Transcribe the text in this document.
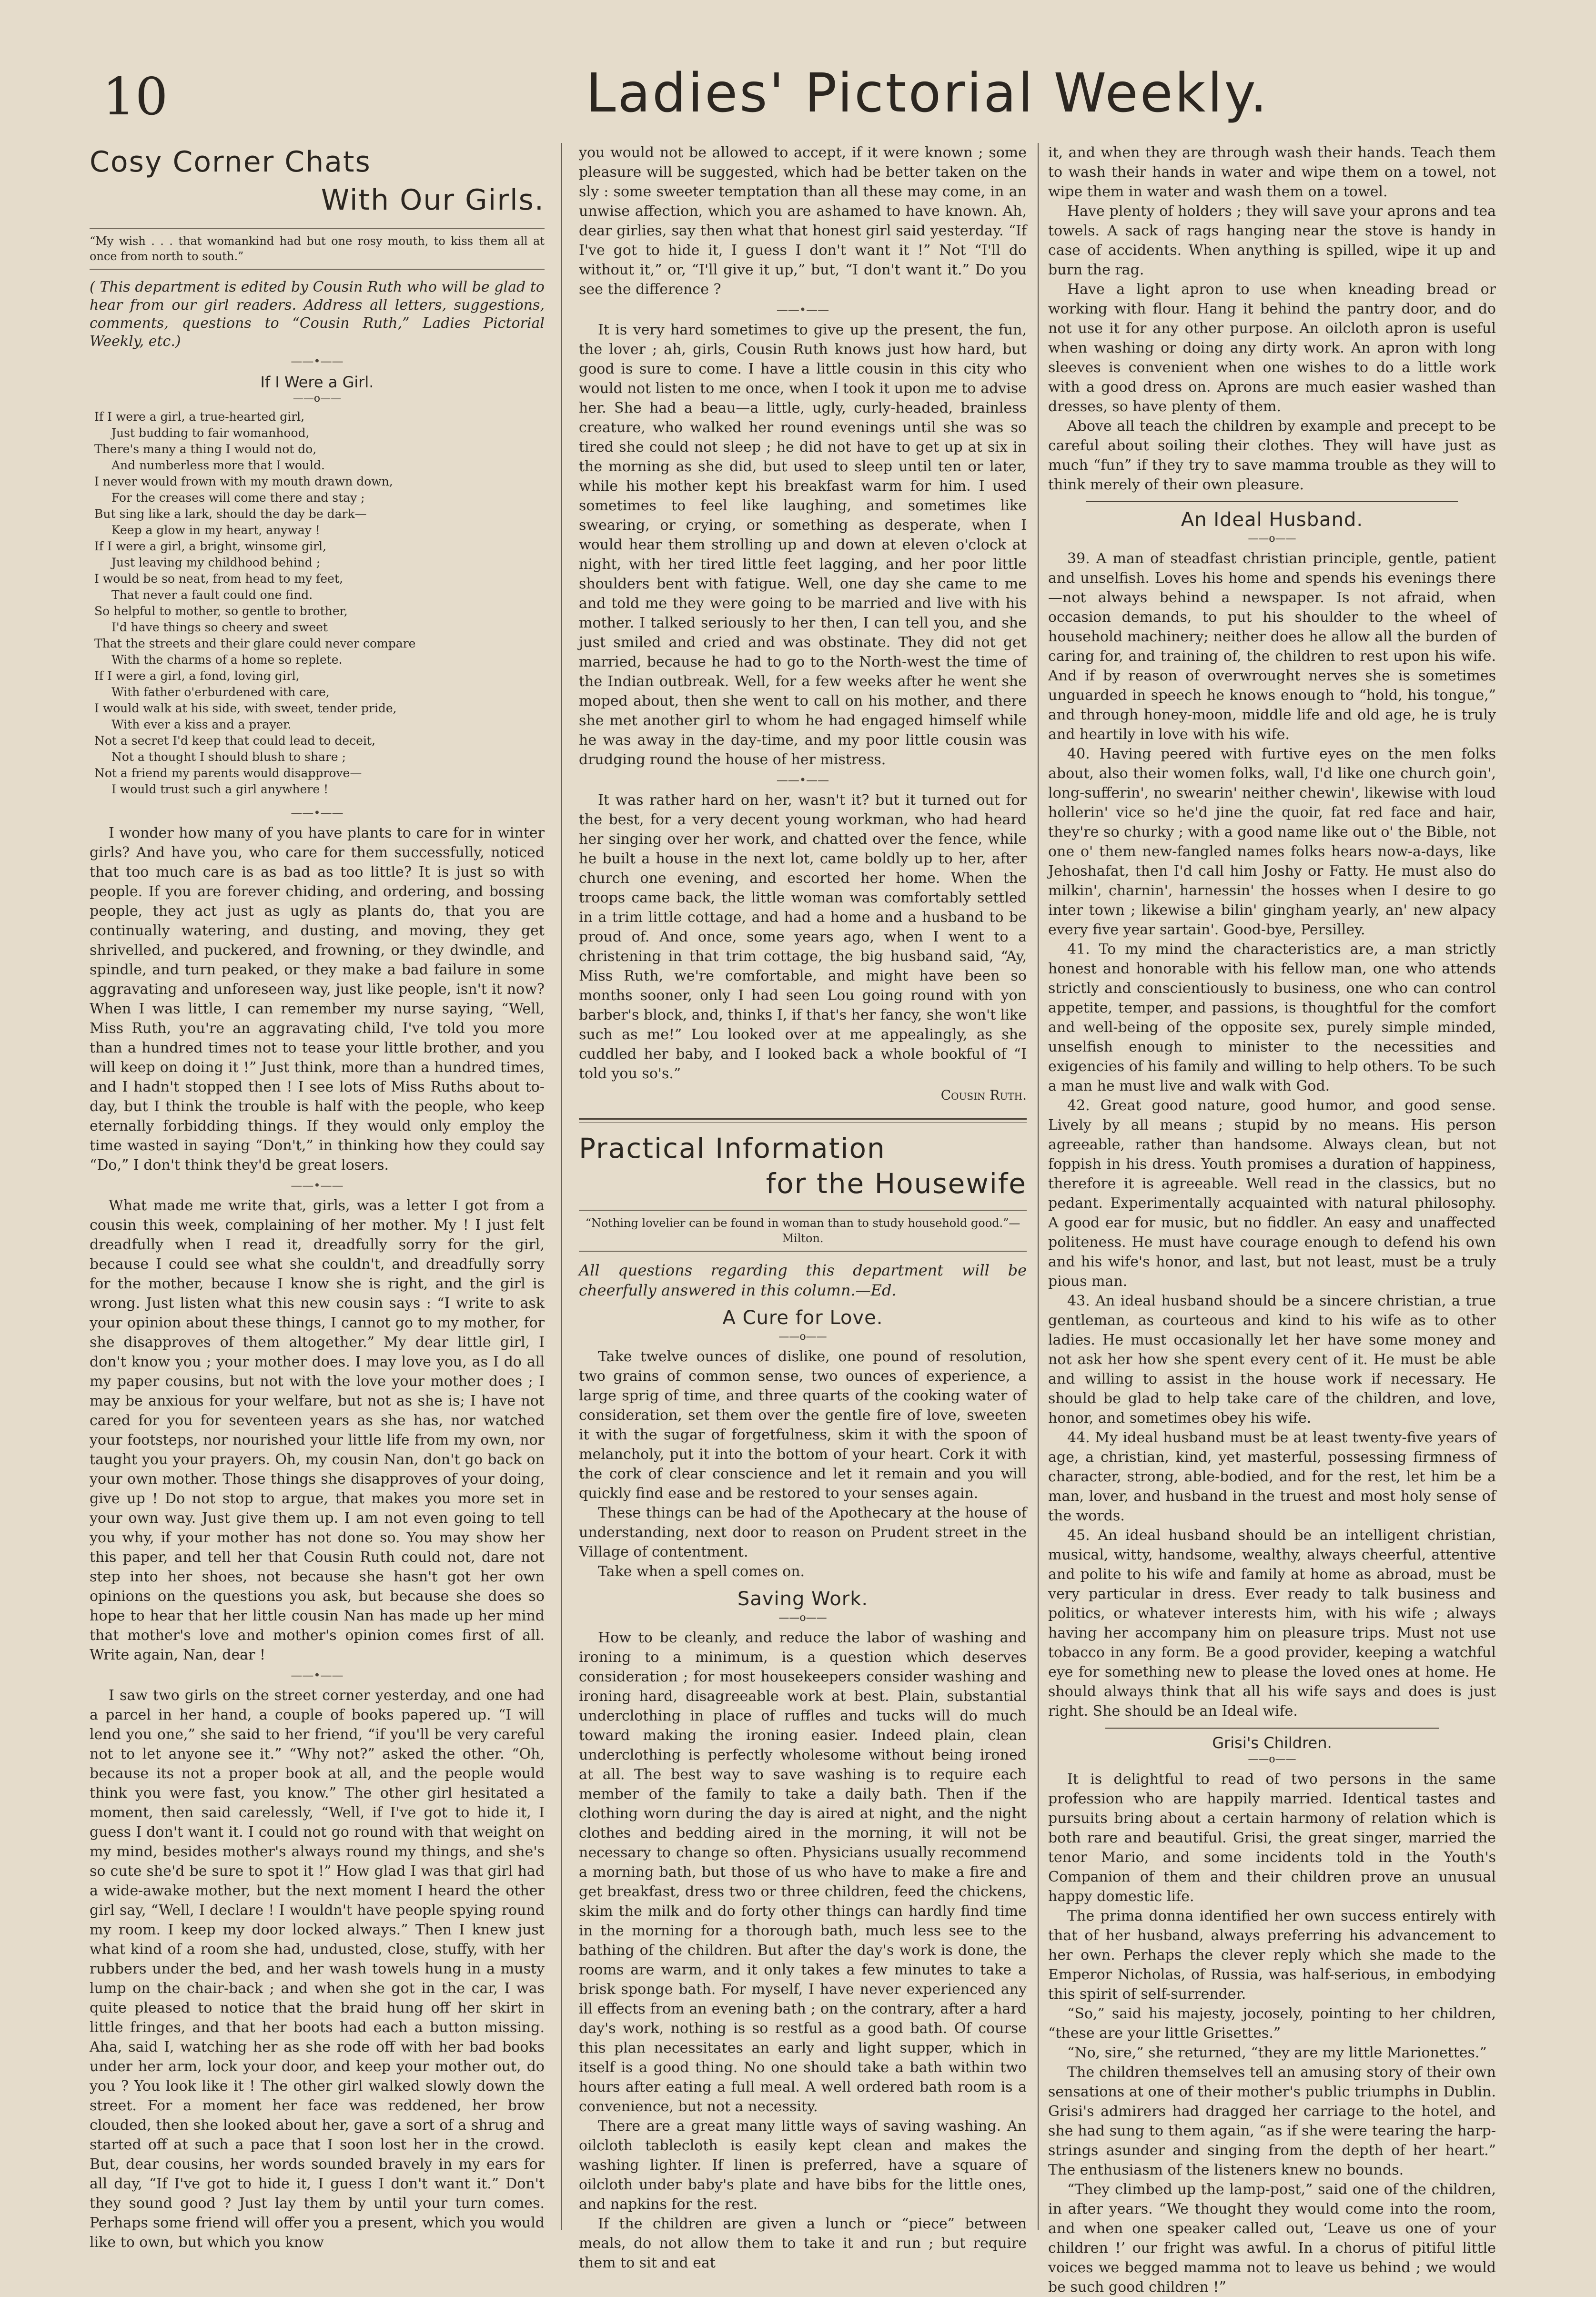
10	Ladies' Pictorial Weekly.
Cosy Corner Chats
With Our Girls.
“My wish . . . that womankind had but one rosy mouth, to kiss them all at once from north to south.”
( This department is edited by Cousin Ruth who will be glad to hear from our girl readers. Address all letters, suggestions, comments, questions to “Cousin Ruth,” Ladies Pictorial Weekly, etc.)
——•——
If I Were a Girl.
——o——
If I were a girl, a true-hearted girl,
Just budding to fair womanhood,
There's many a thing I would not do,
And numberless more that I would.
I never would frown with my mouth drawn down,
For the creases will come there and stay ;
But sing like a lark, should the day be dark—
Keep a glow in my heart, anyway !
If I were a girl, a bright, winsome girl,
Just leaving my childhood behind ;
I would be so neat, from head to my feet,
That never a fault could one find.
So helpful to mother, so gentle to brother,
I'd have things so cheery and sweet
That the streets and their glare could never compare
With the charms of a home so replete.
If I were a girl, a fond, loving girl,
With father o'erburdened with care,
I would walk at his side, with sweet, tender pride,
With ever a kiss and a prayer.
Not a secret I'd keep that could lead to deceit,
Not a thought I should blush to share ;
Not a friend my parents would disapprove—
I would trust such a girl anywhere !
——•——

I wonder how many of you have plants to care for in winter girls? And have you, who care for them successfully, noticed that too much care is as bad as too little? It is just so with people. If you are forever chiding, and ordering, and bossing people, they act just as ugly as plants do, that you are continually watering, and dusting, and moving, they get shrivelled, and puckered, and frowning, or they dwindle, and spindle, and turn peaked, or they make a bad failure in some aggravating and unforeseen way, just like people, isn't it now? When I was little, I can remember my nurse saying, “Well, Miss Ruth, you're an aggravating child, I've told you more than a hundred times not to tease your little brother, and you will keep on doing it !” Just think, more than a hundred times, and I hadn't stopped then ! I see lots of Miss Ruths about to-day, but I think the trouble is half with the people, who keep eternally forbidding things. If they would only employ the time wasted in saying “Don't,” in thinking how they could say “Do,” I don't think they'd be great losers.

——•——

What made me write that, girls, was a letter I got from a cousin this week, complaining of her mother. My ! I just felt dreadfully when I read it, dreadfully sorry for the girl, because I could see what she couldn't, and dreadfully sorry for the mother, because I know she is right, and the girl is wrong. Just listen what this new cousin says : “I write to ask your opinion about these things, I cannot go to my mother, for she disapproves of them altogether.” My dear little girl, I don't know you ; your mother does. I may love you, as I do all my paper cousins, but not with the love your mother does ; I may be anxious for your welfare, but not as she is; I have not cared for you for seventeen years as she has, nor watched your footsteps, nor nourished your little life from my own, nor taught you your prayers. Oh, my cousin Nan, don't go back on your own mother. Those things she disapproves of your doing, give up ! Do not stop to argue, that makes you more set in your own way. Just give them up. I am not even going to tell you why, if your mother has not done so. You may show her this paper, and tell her that Cousin Ruth could not, dare not step into her shoes, not because she hasn't got her own opinions on the questions you ask, but because she does so hope to hear that her little cousin Nan has made up her mind that mother's love and mother's opinion comes first of all. Write again, Nan, dear !

——•——

I saw two girls on the street corner yesterday, and one had a parcel in her hand, a couple of books papered up. “I will lend you one,” she said to her friend, “if you'll be very careful not to let anyone see it.” “Why not?” asked the other. “Oh, because its not a proper book at all, and the people would think you were fast, you know.” The other girl hesitated a moment, then said carelessly, “Well, if I've got to hide it, I guess I don't want it. I could not go round with that weight on my mind, besides mother's always round my things, and she's so cute she'd be sure to spot it !” How glad I was that girl had a wide-awake mother, but the next moment I heard the other girl say, “Well, I declare ! I wouldn't have people spying round my room. I keep my door locked always.” Then I knew just what kind of a room she had, undusted, close, stuffy, with her rubbers under the bed, and her wash towels hung in a musty lump on the chair-back ; and when she got in the car, I was quite pleased to notice that the braid hung off her skirt in little fringes, and that her boots had each a button missing. Aha, said I, watching her as she rode off with her bad books under her arm, lock your door, and keep your mother out, do you ? You look like it ! The other girl walked slowly down the street. For a moment her face was reddened, her brow clouded, then she looked about her, gave a sort of a shrug and started off at such a pace that I soon lost her in the crowd. But, dear cousins, her words sounded bravely in my ears for all day, “If I've got to hide it, I guess I don't want it.” Don't they sound good ? Just lay them by until your turn comes. Perhaps some friend will offer you a present, which you would like to own, but which you know

you would not be allowed to accept, if it were known ; some pleasure will be suggested, which had be better taken on the sly : some sweeter temptation than all these may come, in an unwise affection, which you are ashamed to have known. Ah, dear girlies, say then what that honest girl said yesterday. “If I've got to hide it, I guess I don't want it !” Not “I'll do without it,” or, “I'll give it up,” but, “I don't want it.” Do you see the difference ?

——•——

It is very hard sometimes to give up the present, the fun, the lover ; ah, girls, Cousin Ruth knows just how hard, but good is sure to come. I have a little cousin in this city who would not listen to me once, when I took it upon me to advise her. She had a beau—a little, ugly, curly-headed, brainless creature, who walked her round evenings until she was so tired she could not sleep ; he did not have to get up at six in the morning as she did, but used to sleep until ten or later, while his mother kept his breakfast warm for him. I used sometimes to feel like laughing, and sometimes like swearing, or crying, or something as desperate, when I would hear them strolling up and down at eleven o'clock at night, with her tired little feet lagging, and her poor little shoulders bent with fatigue. Well, one day she came to me and told me they were going to be married and live with his mother. I talked seriously to her then, I can tell you, and she just smiled and cried and was obstinate. They did not get married, because he had to go to the North-west the time of the Indian outbreak. Well, for a few weeks after he went she moped about, then she went to call on his mother, and there she met another girl to whom he had engaged himself while he was away in the day-time, and my poor little cousin was drudging round the house of her mistress.

——•——

It was rather hard on her, wasn't it? but it turned out for the best, for a very decent young workman, who had heard her singing over her work, and chatted over the fence, while he built a house in the next lot, came boldly up to her, after church one evening, and escorted her home. When the troops came back, the little woman was comfortably settled in a trim little cottage, and had a home and a husband to be proud of. And once, some years ago, when I went to a christening in that trim cottage, the big husband said, “Ay, Miss Ruth, we're comfortable, and might have been so months sooner, only I had seen Lou going round with yon barber's block, and, thinks I, if that's her fancy, she won't like such as me!” Lou looked over at me appealingly, as she cuddled her baby, and I looked back a whole bookful of “I told you so's.”

Cousin Ruth.
Practical Information
for the Housewife
“Nothing lovelier can be found in woman than to study household good.”—Milton.
All questions regarding this department will be cheerfully answered in this column.—Ed.
A Cure for Love.
——o——

Take twelve ounces of dislike, one pound of resolution, two grains of common sense, two ounces of experience, a large sprig of time, and three quarts of the cooking water of consideration, set them over the gentle fire of love, sweeten it with the sugar of forgetfulness, skim it with the spoon of melancholy, put it into the bottom of your heart. Cork it with the cork of clear conscience and let it remain and you will quickly find ease and be restored to your senses again.

These things can be had of the Apothecary at the house of understanding, next door to reason on Prudent street in the Village of contentment.

Take when a spell comes on.

Saving Work.
——o——

How to be cleanly, and reduce the labor of washing and ironing to a minimum, is a question which deserves consideration ; for most housekeepers consider washing and ironing hard, disagreeable work at best. Plain, substantial underclothing in place of ruffles and tucks will do much toward making the ironing easier. Indeed plain, clean underclothing is perfectly wholesome without being ironed at all. The best way to save washing is to require each member of the family to take a daily bath. Then if the clothing worn during the day is aired at night, and the night clothes and bedding aired in the morning, it will not be necessary to change so often. Physicians usually recommend a morning bath, but those of us who have to make a fire and get breakfast, dress two or three children, feed the chickens, skim the milk and do forty other things can hardly find time in the morning for a thorough bath, much less see to the bathing of the children. But after the day's work is done, the rooms are warm, and it only takes a few minutes to take a brisk sponge bath. For myself, I have never experienced any ill effects from an evening bath ; on the contrary, after a hard day's work, nothing is so restful as a good bath. Of course this plan necessitates an early and light supper, which in itself is a good thing. No one should take a bath within two hours after eating a full meal. A well ordered bath room is a convenience, but not a necessity.

There are a great many little ways of saving washing. An oilcloth tablecloth is easily kept clean and makes the washing lighter. If linen is preferred, have a square of oilcloth under baby's plate and have bibs for the little ones, and napkins for the rest.

If the children are given a lunch or “piece” between meals, do not allow them to take it and run ; but require them to sit and eat

it, and when they are through wash their hands. Teach them to wash their hands in water and wipe them on a towel, not wipe them in water and wash them on a towel.

Have plenty of holders ; they will save your aprons and tea towels. A sack of rags hanging near the stove is handy in case of accidents. When anything is spilled, wipe it up and burn the rag.

Have a light apron to use when kneading bread or working with flour. Hang it behind the pantry door, and do not use it for any other purpose. An oilcloth apron is useful when washing or doing any dirty work. An apron with long sleeves is convenient when one wishes to do a little work with a good dress on. Aprons are much easier washed than dresses, so have plenty of them.

Above all teach the children by example and precept to be careful about soiling their clothes. They will have just as much “fun” if they try to save mamma trouble as they will to think merely of their own pleasure.

An Ideal Husband.
——o——

39. A man of steadfast christian principle, gentle, patient and unselfish. Loves his home and spends his evenings there—not always behind a newspaper. Is not afraid, when occasion demands, to put his shoulder to the wheel of household machinery; neither does he allow all the burden of caring for, and training of, the children to rest upon his wife. And if by reason of overwrought nerves she is sometimes unguarded in speech he knows enough to “hold, his tongue,” and through honey-moon, middle life and old age, he is truly and heartily in love with his wife.

40. Having peered with furtive eyes on the men folks about, also their women folks, wall, I'd like one church goin', long-sufferin', no swearin' neither chewin', likewise with loud hollerin' vice so he'd jine the quoir, fat red face and hair, they're so churky ; with a good name like out o' the Bible, not one o' them new-fangled names folks hears now-a-days, like Jehoshafat, then I'd call him Joshy or Fatty. He must also do milkin', charnin', harnessin' the hosses when I desire to go inter town ; likewise a bilin' gingham yearly, an' new alpacy every five year sartain'. Good-bye, Persilley.

41. To my mind the characteristics are, a man strictly honest and honorable with his fellow man, one who attends strictly and conscientiously to business, one who can control appetite, temper, and passions, is thoughtful for the comfort and well-being of the opposite sex, purely simple minded, unselfish enough to minister to the necessities and exigencies of his family and willing to help others. To be such a man he must live and walk with God.

42. Great good nature, good humor, and good sense. Lively by all means ; stupid by no means. His person agreeable, rather than handsome. Always clean, but not foppish in his dress. Youth promises a duration of happiness, therefore it is agreeable. Well read in the classics, but no pedant. Experimentally acquainted with natural philosophy. A good ear for music, but no fiddler. An easy and unaffected politeness. He must have courage enough to defend his own and his wife's honor, and last, but not least, must be a truly pious man.

43. An ideal husband should be a sincere christian, a true gentleman, as courteous and kind to his wife as to other ladies. He must occasionally let her have some money and not ask her how she spent every cent of it. He must be able and willing to assist in the house work if necessary. He should be glad to help take care of the children, and love, honor, and sometimes obey his wife.

44. My ideal husband must be at least twenty-five years of age, a christian, kind, yet masterful, possessing firmness of character, strong, able-bodied, and for the rest, let him be a man, lover, and husband in the truest and most holy sense of the words.

45. An ideal husband should be an intelligent christian, musical, witty, handsome, wealthy, always cheerful, attentive and polite to his wife and family at home as abroad, must be very particular in dress. Ever ready to talk business and politics, or whatever interests him, with his wife ; always having her accompany him on pleasure trips. Must not use tobacco in any form. Be a good provider, keeping a watchful eye for something new to please the loved ones at home. He should always think that all his wife says and does is just right. She should be an Ideal wife.

Grisi's Children.
——o——

It is delightful to read of two persons in the same profession who are happily married. Identical tastes and pursuits bring about a certain harmony of relation which is both rare and beautiful. Grisi, the great singer, married the tenor Mario, and some incidents told in the Youth's Companion of them and their children prove an unusual happy domestic life.

The prima donna identified her own success entirely with that of her husband, always preferring his advancement to her own. Perhaps the clever reply which she made to the Emperor Nicholas, of Russia, was half-serious, in embodying this spirit of self-surrender.

“So,” said his majesty, jocosely, pointing to her children, “these are your little Grisettes.”

“No, sire,” she returned, “they are my little Marionettes.”

The children themselves tell an amusing story of their own sensations at one of their mother's public triumphs in Dublin. Grisi's admirers had dragged her carriage to the hotel, and she had sung to them again, “as if she were tearing the harp-strings asunder and singing from the depth of her heart.” The enthusiasm of the listeners knew no bounds.

“They climbed up the lamp-post,” said one of the children, in after years. “We thought they would come into the room, and when one speaker called out, ‘Leave us one of your children !’ our fright was awful. In a chorus of pitiful little voices we begged mamma not to leave us behind ; we would be such good children !”
